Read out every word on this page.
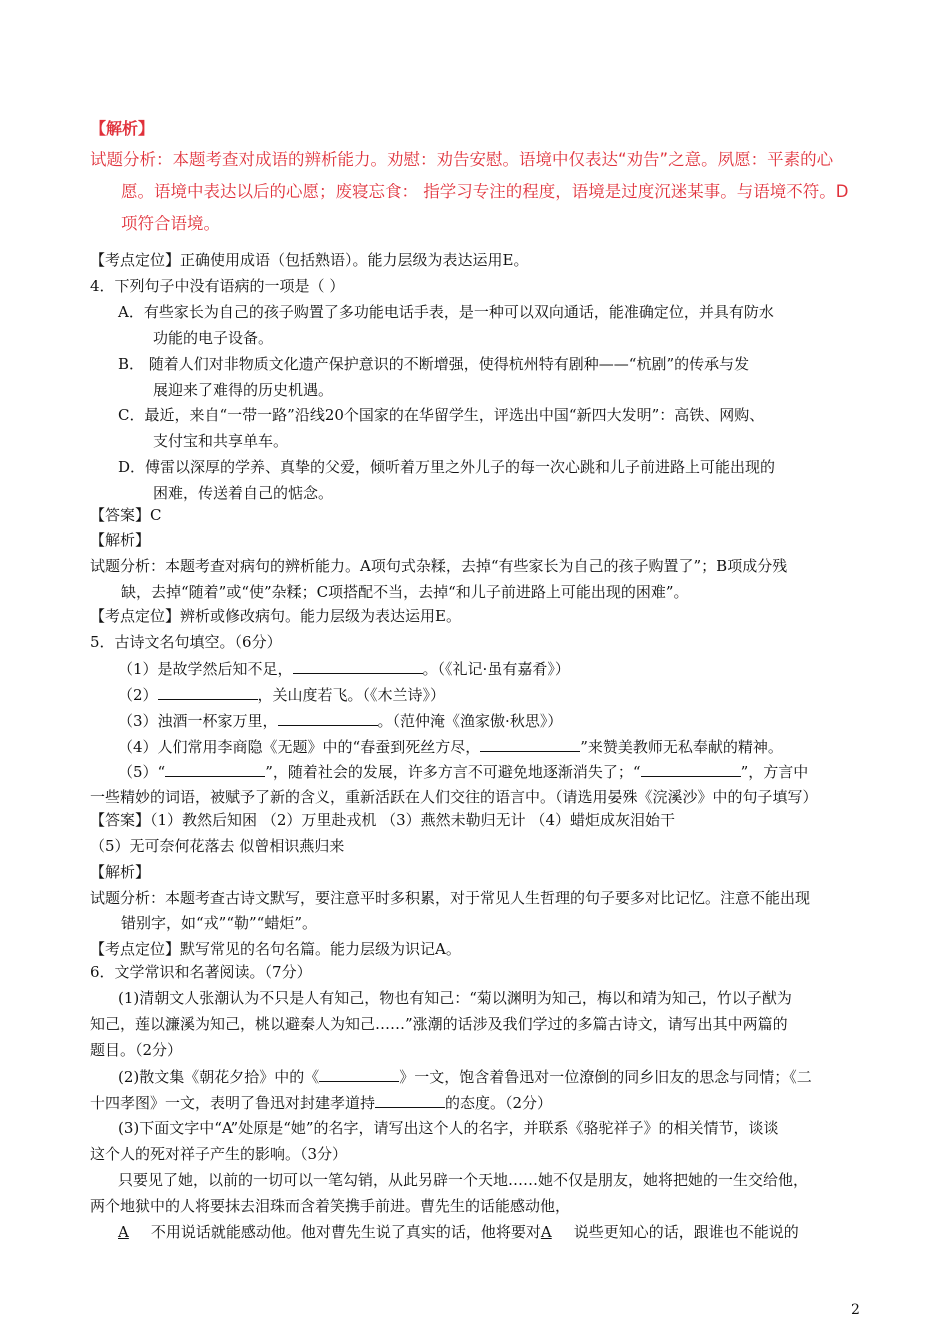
【解析】
试题分析：本题考查对成语的辨析能力。劝慰：劝告安慰。语境中仅表达“劝告”之意。夙愿：平素的心
愿。语境中表达以后的心愿；废寝忘食： 指学习专注的程度，语境是过度沉迷某事。与语境不符。D
项符合语境。
【考点定位】正确使用成语（包括熟语）。能力层级为表达运用E。
4．下列句子中没有语病的一项是（ ）
A．有些家长为自己的孩子购置了多功能电话手表，是一种可以双向通话，能准确定位，并具有防水
功能的电子设备。
B． 随着人们对非物质文化遗产保护意识的不断增强，使得杭州特有剧种——“杭剧”的传承与发
展迎来了难得的历史机遇。
C．最近，来自“一带一路”沿线20个国家的在华留学生，评选出中国“新四大发明”：高铁、网购、
支付宝和共享单车。
D．傅雷以深厚的学养、真挚的父爱，倾听着万里之外儿子的每一次心跳和儿子前进路上可能出现的
困难，传送着自己的惦念。
【答案】C
【解析】
试题分析：本题考查对病句的辨析能力。A项句式杂糅，去掉“有些家长为自己的孩子购置了”；B项成分残
缺，去掉“随着”或“使”杂糅；C项搭配不当，去掉“和儿子前进路上可能出现的困难”。
【考点定位】辨析或修改病句。能力层级为表达运用E。
5．古诗文名句填空。（6分）
（1）是故学然后知不足，	。（《礼记·虽有嘉肴》）
（2）	，关山度若飞。（《木兰诗》）
（3）浊酒一杯家万里，	。（范仲淹《渔家傲·秋思》）
（4）人们常用李商隐《无题》中的“春蚕到死丝方尽，	”来赞美教师无私奉献的精神。
（5）“	”，随着社会的发展，许多方言不可避免地逐渐消失了；“	”，方言中
一些精妙的词语，被赋予了新的含义，重新活跃在人们交往的语言中。（请选用晏殊《浣溪沙》中的句子填写）
【答案】（1）教然后知困 （2）万里赴戎机 （3）燕然未勒归无计 （4）蜡炬成灰泪始干
（5）无可奈何花落去 似曾相识燕归来
【解析】
试题分析：本题考查古诗文默写，要注意平时多积累，对于常见人生哲理的句子要多对比记忆。注意不能出现
错别字，如“戎”“勒”“蜡炬”。
【考点定位】默写常见的名句名篇。能力层级为识记A。
6．文学常识和名著阅读。（7分）
(1)清朝文人张潮认为不只是人有知己，物也有知己：“菊以渊明为知己，梅以和靖为知己，竹以子猷为
知己，莲以濂溪为知己，桃以避秦人为知己……”涨潮的话涉及我们学过的多篇古诗文，请写出其中两篇的
题目。（2分）
(2)散文集《朝花夕拾》中的《	》一文，饱含着鲁迅对一位潦倒的同乡旧友的思念与同情；《二
十四孝图》一文，表明了鲁迅对封建孝道持	的态度。（2分）
(3)下面文字中“A”处原是“她”的名字，请写出这个人的名字，并联系《骆驼祥子》的相关情节，谈谈
这个人的死对祥子产生的影响。（3分）
只要见了她，以前的一切可以一笔勾销，从此另辟一个天地……她不仅是朋友，她将把她的一生交给他，
两个地狱中的人将要抹去泪珠而含着笑携手前进。曹先生的话能感动他，
A 不用说话就能感动他。他对曹先生说了真实的话，他将要对A 说些更知心的话，跟谁也不能说的
2
